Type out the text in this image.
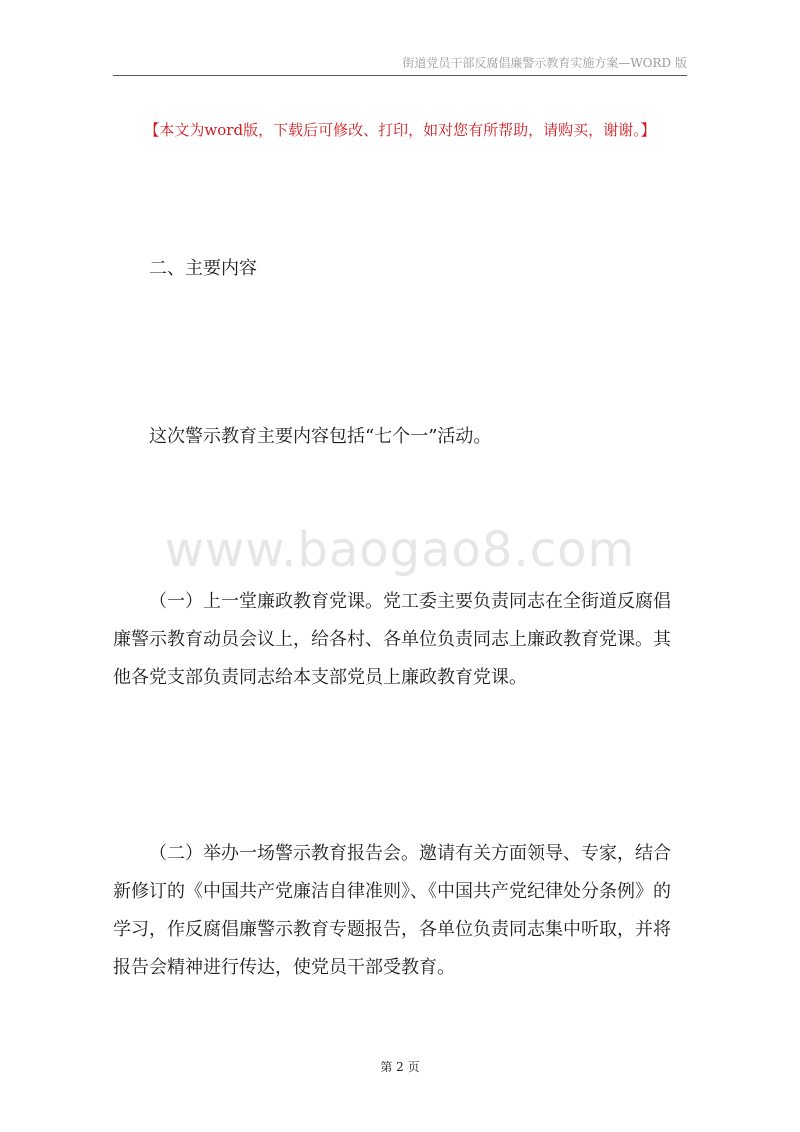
街道党员干部反腐倡廉警示教育实施方案—WORD 版
【本文为word版，下载后可修改、打印，如对您有所帮助，请购买，谢谢。】
二、主要内容

这次警示教育主要内容包括“七个一”活动。

www.baogao8.com

（一）上一堂廉政教育党课。党工委主要负责同志在全街道反腐倡廉警示教育动员会议上，给各村、各单位负责同志上廉政教育党课。其他各党支部负责同志给本支部党员上廉政教育党课。

（二）举办一场警示教育报告会。邀请有关方面领导、专家，结合新修订的《中国共产党廉洁自律准则》、《中国共产党纪律处分条例》的学习，作反腐倡廉警示教育专题报告，各单位负责同志集中听取，并将报告会精神进行传达，使党员干部受教育。

第 2 页
